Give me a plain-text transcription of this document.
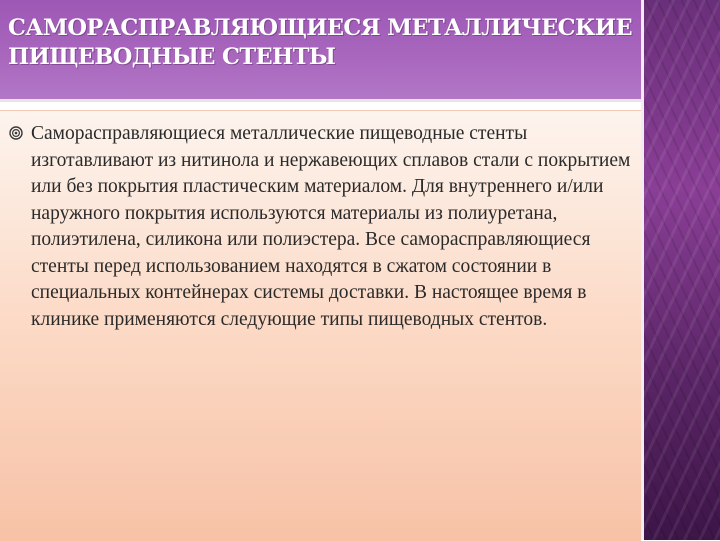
САМОРАСПРАВЛЯЮЩИЕСЯ МЕТАЛЛИЧЕСКИЕ ПИЩЕВОДНЫЕ СТЕНТЫ

Саморасправляющиеся металлические пищеводные стенты изготавливают из нитинола и нержавеющих сплавов стали с покрытием или без покрытия пластическим материалом. Для внутреннего и/или наружного покрытия используются материалы из полиуретана, полиэтилена, силикона или полиэстера. Все саморасправляющиеся стенты перед использованием находятся в сжатом состоянии в специальных контейнерах системы доставки. В настоящее время в клинике применяются следующие типы пищеводных стентов.
